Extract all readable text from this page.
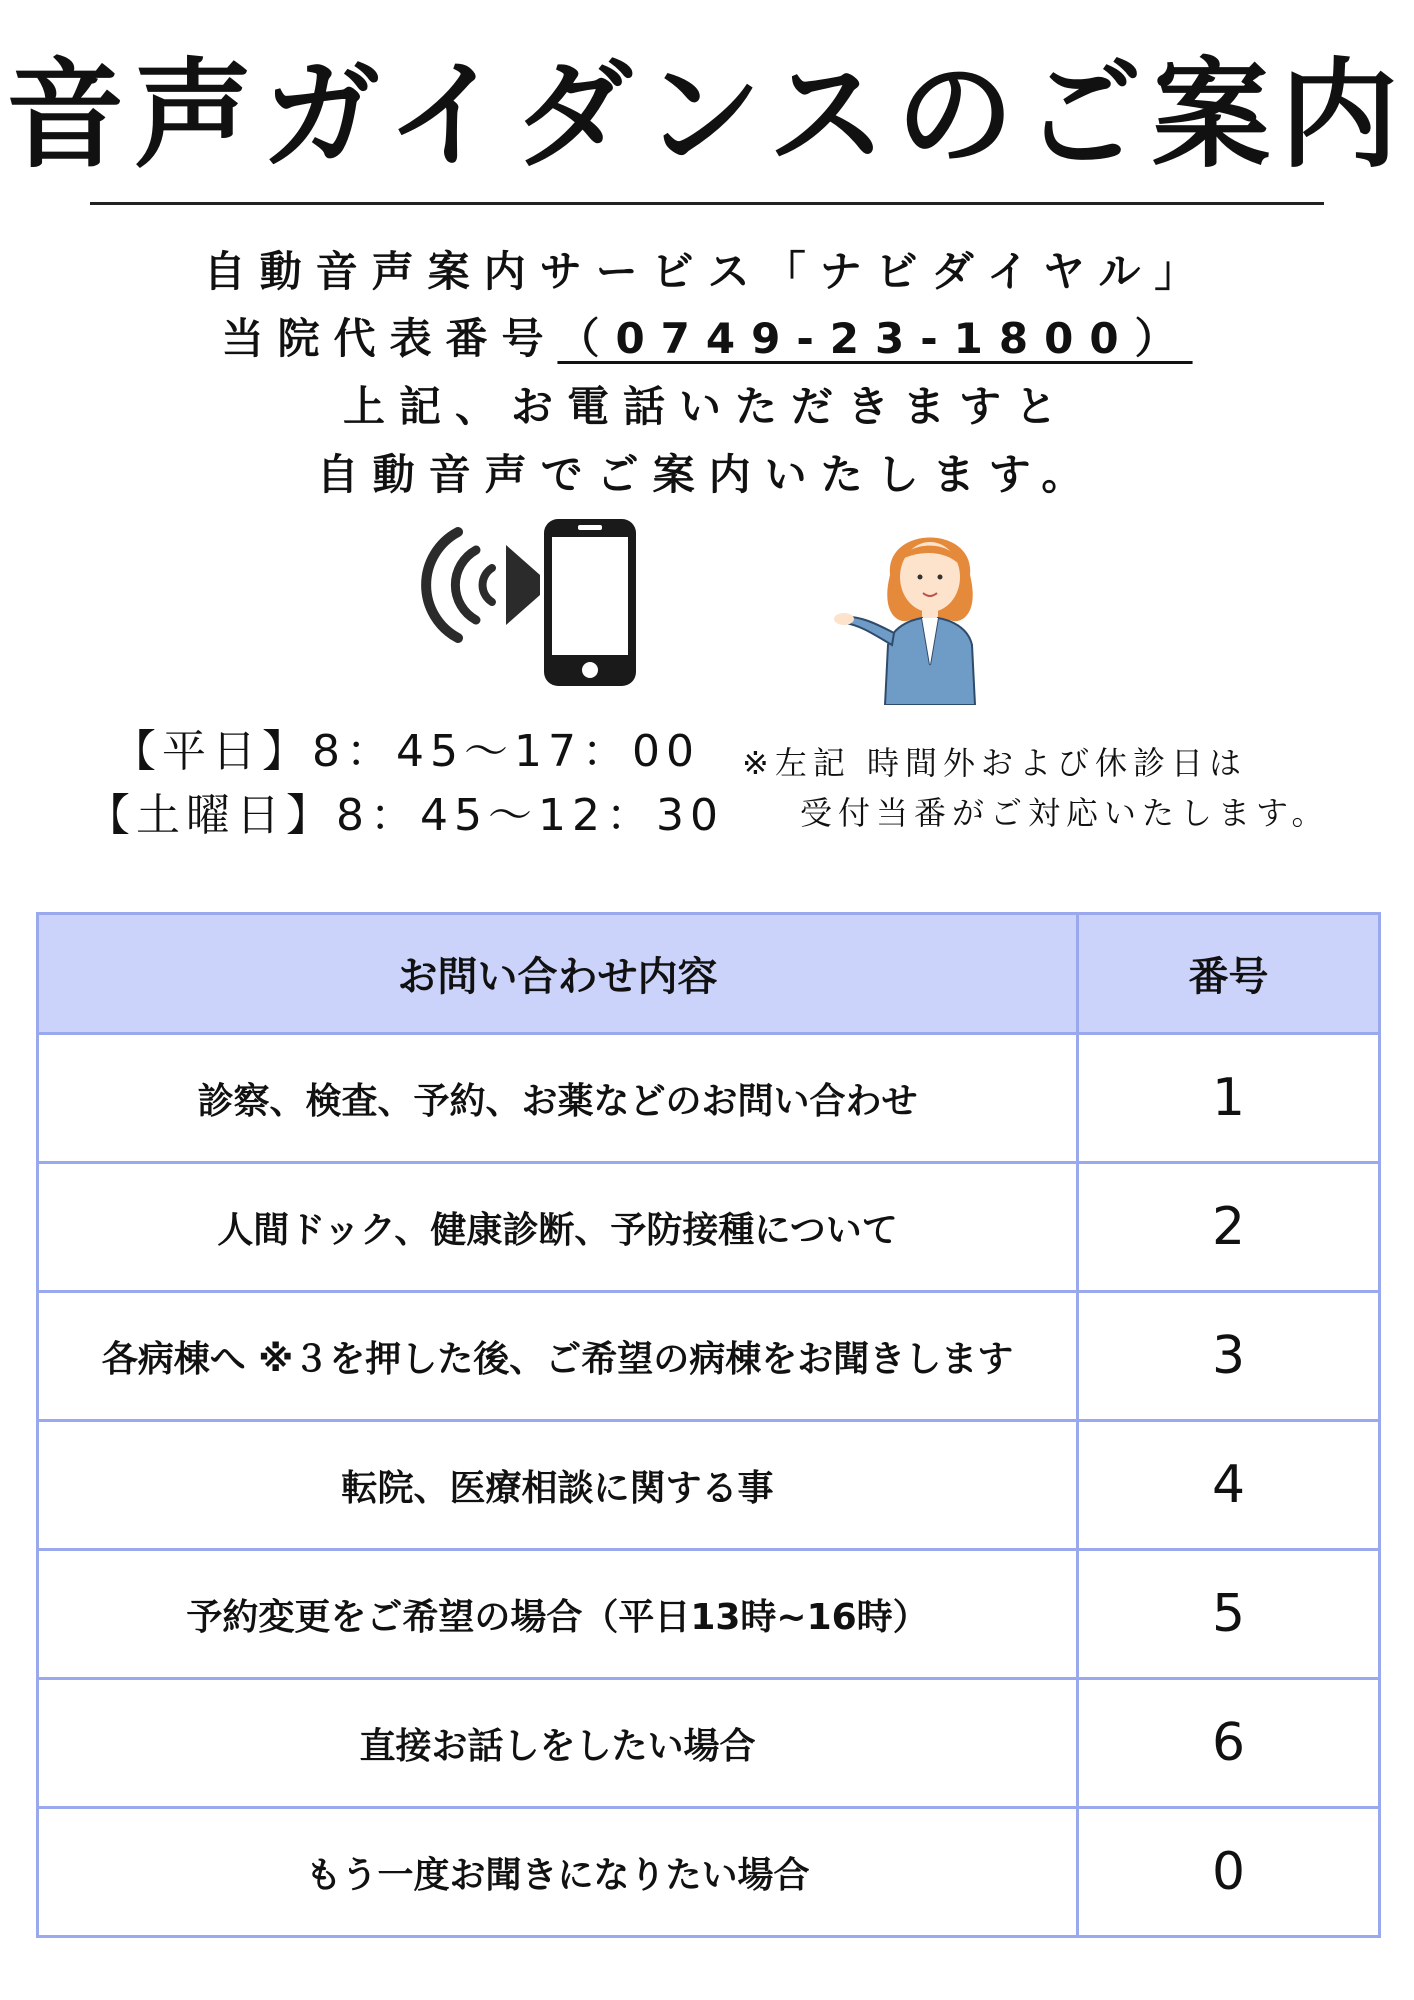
音声ガイダンスのご案内
自動音声案内サービス「ナビダイヤル」
当院代表番号（0749-23-1800）
上記、お電話いただきますと
自動音声でご案内いたします。
【平日】8：45〜17：00
【土曜日】8：45〜12：30
※左記 時間外および休診日は
受付当番がご対応いたします。
お問い合わせ内容	番号
診察、検査、予約、お薬などのお問い合わせ	1
人間ドック、健康診断、予防接種について	2
各病棟へ ※３を押した後、ご希望の病棟をお聞きします	3
転院、医療相談に関する事	4
予約変更をご希望の場合（平日13時~16時）	5
直接お話しをしたい場合	6
もう一度お聞きになりたい場合	0
